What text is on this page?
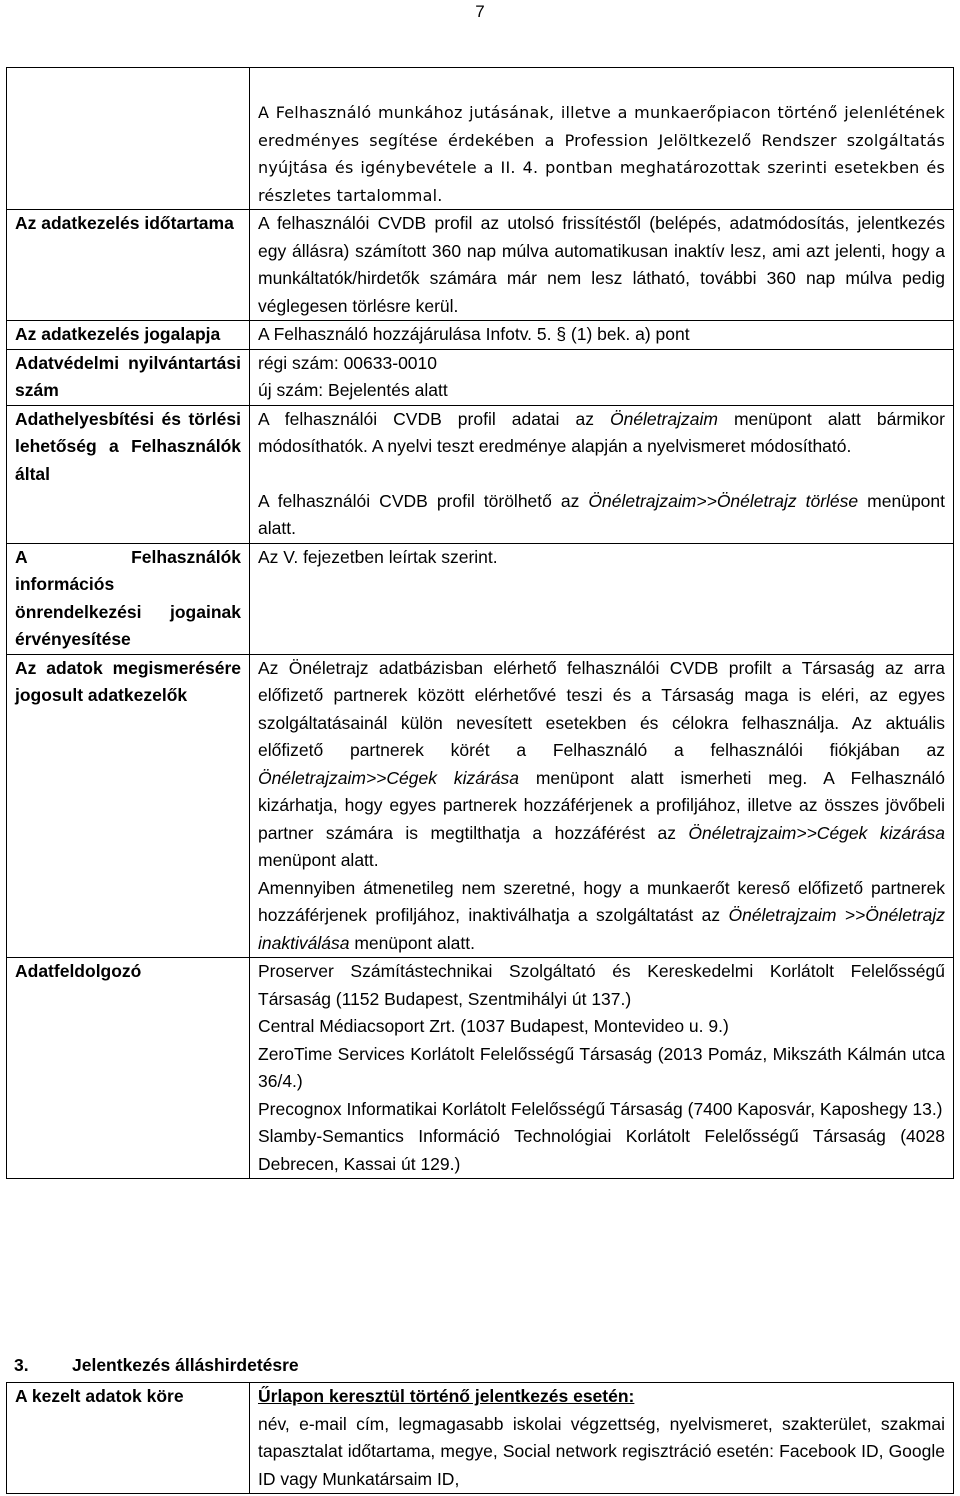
7

	A Felhasználó munkához jutásának, illetve a munkaerőpiacon történő jelenlétének eredményes segítése érdekében a Profession Jelöltkezelő Rendszer szolgáltatás nyújtása és igénybevétele a II. 4. pontban meghatározottak szerinti esetekben és részletes tartalommal.

Az adatkezelés időtartama	A felhasználói CVDB profil az utolsó frissítéstől (belépés, adatmódosítás, jelentkezés egy állásra) számított 360 nap múlva automatikusan inaktív lesz, ami azt jelenti, hogy a munkáltatók/hirdetők számára már nem lesz látható, további 360 nap múlva pedig véglegesen törlésre kerül.

Az adatkezelés jogalapja	A Felhasználó hozzájárulása Infotv. 5. § (1) bek. a) pont

Adatvédelmi nyilvántartási szám	régi szám: 00633-0010
új szám: Bejelentés alatt

Adathelyesbítési és törlési lehetőség a Felhasználók által	A felhasználói CVDB profil adatai az Önéletrajzaim menüpont alatt bármikor módosíthatók. A nyelvi teszt eredménye alapján a nyelvismeret módosítható.
A felhasználói CVDB profil törölhető az Önéletrajzaim>>Önéletrajz törlése menüpont alatt.

A Felhasználók információs önrendelkezési jogainak érvényesítése	Az V. fejezetben leírtak szerint.

Az adatok megismerésére jogosult adatkezelők	Az Önéletrajz adatbázisban elérhető felhasználói CVDB profilt a Társaság az arra előfizető partnerek között elérhetővé teszi és a Társaság maga is eléri, az egyes szolgáltatásainál külön nevesített esetekben és célokra felhasználja. Az aktuális előfizető partnerek körét a Felhasználó a felhasználói fiókjában az Önéletrajzaim>>Cégek kizárása menüpont alatt ismerheti meg. A Felhasználó kizárhatja, hogy egyes partnerek hozzáférjenek a profiljához, illetve az összes jövőbeli partner számára is megtilthatja a hozzáférést az Önéletrajzaim>>Cégek kizárása menüpont alatt.
Amennyiben átmenetileg nem szeretné, hogy a munkaerőt kereső előfizető partnerek hozzáférjenek profiljához, inaktiválhatja a szolgáltatást az Önéletrajzaim >>Önéletrajz inaktiválása menüpont alatt.

Adatfeldolgozó	Proserver Számítástechnikai Szolgáltató és Kereskedelmi Korlátolt Felelősségű Társaság (1152 Budapest, Szentmihályi út 137.)
Central Médiacsoport Zrt. (1037 Budapest, Montevideo u. 9.)
ZeroTime Services Korlátolt Felelősségű Társaság (2013 Pomáz, Mikszáth Kálmán utca 36/4.)
Precognox Informatikai Korlátolt Felelősségű Társaság (7400 Kaposvár, Kaposhegy 13.)
Slamby-Semantics Információ Technológiai Korlátolt Felelősségű Társaság (4028 Debrecen, Kassai út 129.)
3. Jelentkezés álláshirdetésre
A kezelt adatok köre	Űrlapon keresztül történő jelentkezés esetén:
név, e-mail cím, legmagasabb iskolai végzettség, nyelvismeret, szakterület, szakmai tapasztalat időtartama, megye, Social network regisztráció esetén: Facebook ID, Google ID vagy Munkatársaim ID,
